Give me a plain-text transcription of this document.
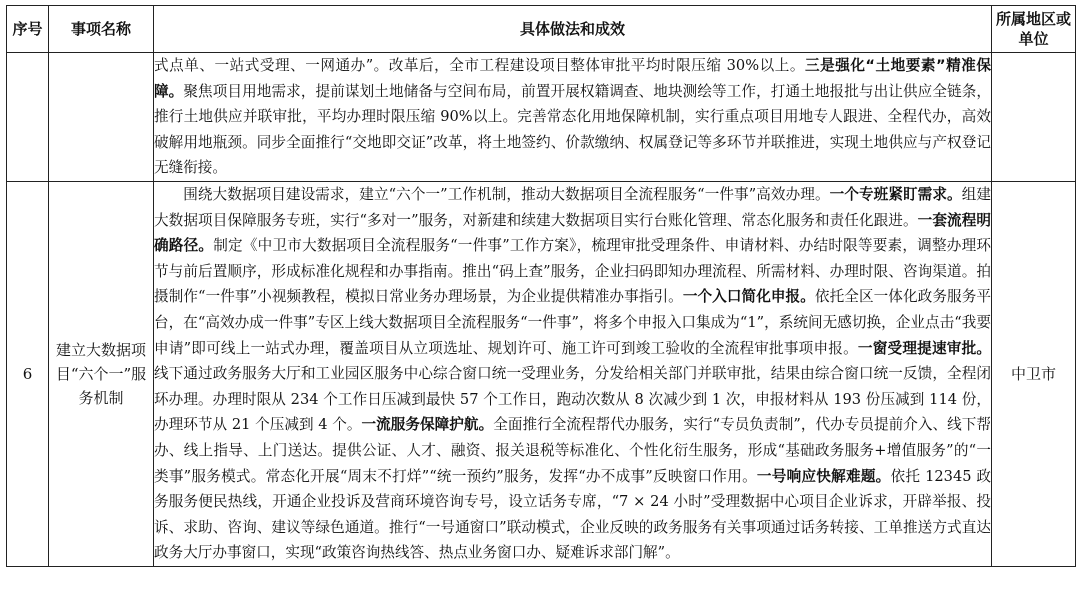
序号	事项名称	具体做法和成效	所属地区或单位

		式点单、一站式受理、一网通办”。改革后，全市工程建设项目整体审批平均时限压缩 30%以上。三是强化“土地要素”精准保障。聚焦项目用地需求，提前谋划土地储备与空间布局，前置开展权籍调查、地块测绘等工作，打通土地报批与出让供应全链条，推行土地供应并联审批，平均办理时限压缩 90%以上。完善常态化用地保障机制，实行重点项目用地专人跟进、全程代办，高效破解用地瓶颈。同步全面推行“交地即交证”改革，将土地签约、价款缴纳、权属登记等多环节并联推进，实现土地供应与产权登记无缝衔接。	

6	建立大数据项目“六个一”服务机制	围绕大数据项目建设需求，建立“六个一”工作机制，推动大数据项目全流程服务“一件事”高效办理。一个专班紧盯需求。组建大数据项目保障服务专班，实行“多对一”服务，对新建和续建大数据项目实行台账化管理、常态化服务和责任化跟进。一套流程明确路径。制定《中卫市大数据项目全流程服务“一件事”工作方案》，梳理审批受理条件、申请材料、办结时限等要素，调整办理环节与前后置顺序，形成标准化规程和办事指南。推出“码上查”服务，企业扫码即知办理流程、所需材料、办理时限、咨询渠道。拍摄制作“一件事”小视频教程，模拟日常业务办理场景，为企业提供精准办事指引。一个入口简化申报。依托全区一体化政务服务平台，在“高效办成一件事”专区上线大数据项目全流程服务“一件事”，将多个申报入口集成为“1”，系统间无感切换，企业点击“我要申请”即可线上一站式办理，覆盖项目从立项选址、规划许可、施工许可到竣工验收的全流程审批事项申报。一窗受理提速审批。线下通过政务服务大厅和工业园区服务中心综合窗口统一受理业务，分发给相关部门并联审批，结果由综合窗口统一反馈，全程闭环办理。办理时限从 234 个工作日压减到最快 57 个工作日，跑动次数从 8 次减少到 1 次，申报材料从 193 份压减到 114 份，办理环节从 21 个压减到 4 个。一流服务保障护航。全面推行全流程帮代办服务，实行“专员负责制”，代办专员提前介入、线下帮办、线上指导、上门送达。提供公证、人才、融资、报关退税等标准化、个性化衍生服务，形成“基础政务服务+增值服务”的“一类事”服务模式。常态化开展“周末不打烊”“统一预约”服务，发挥“办不成事”反映窗口作用。一号响应快解难题。依托 12345 政务服务便民热线，开通企业投诉及营商环境咨询专号，设立话务专席，“7 × 24 小时”受理数据中心项目企业诉求，开辟举报、投诉、求助、咨询、建议等绿色通道。推行“一号通窗口”联动模式，企业反映的政务服务有关事项通过话务转接、工单推送方式直达政务大厅办事窗口，实现“政策咨询热线答、热点业务窗口办、疑难诉求部门解”。	中卫市
